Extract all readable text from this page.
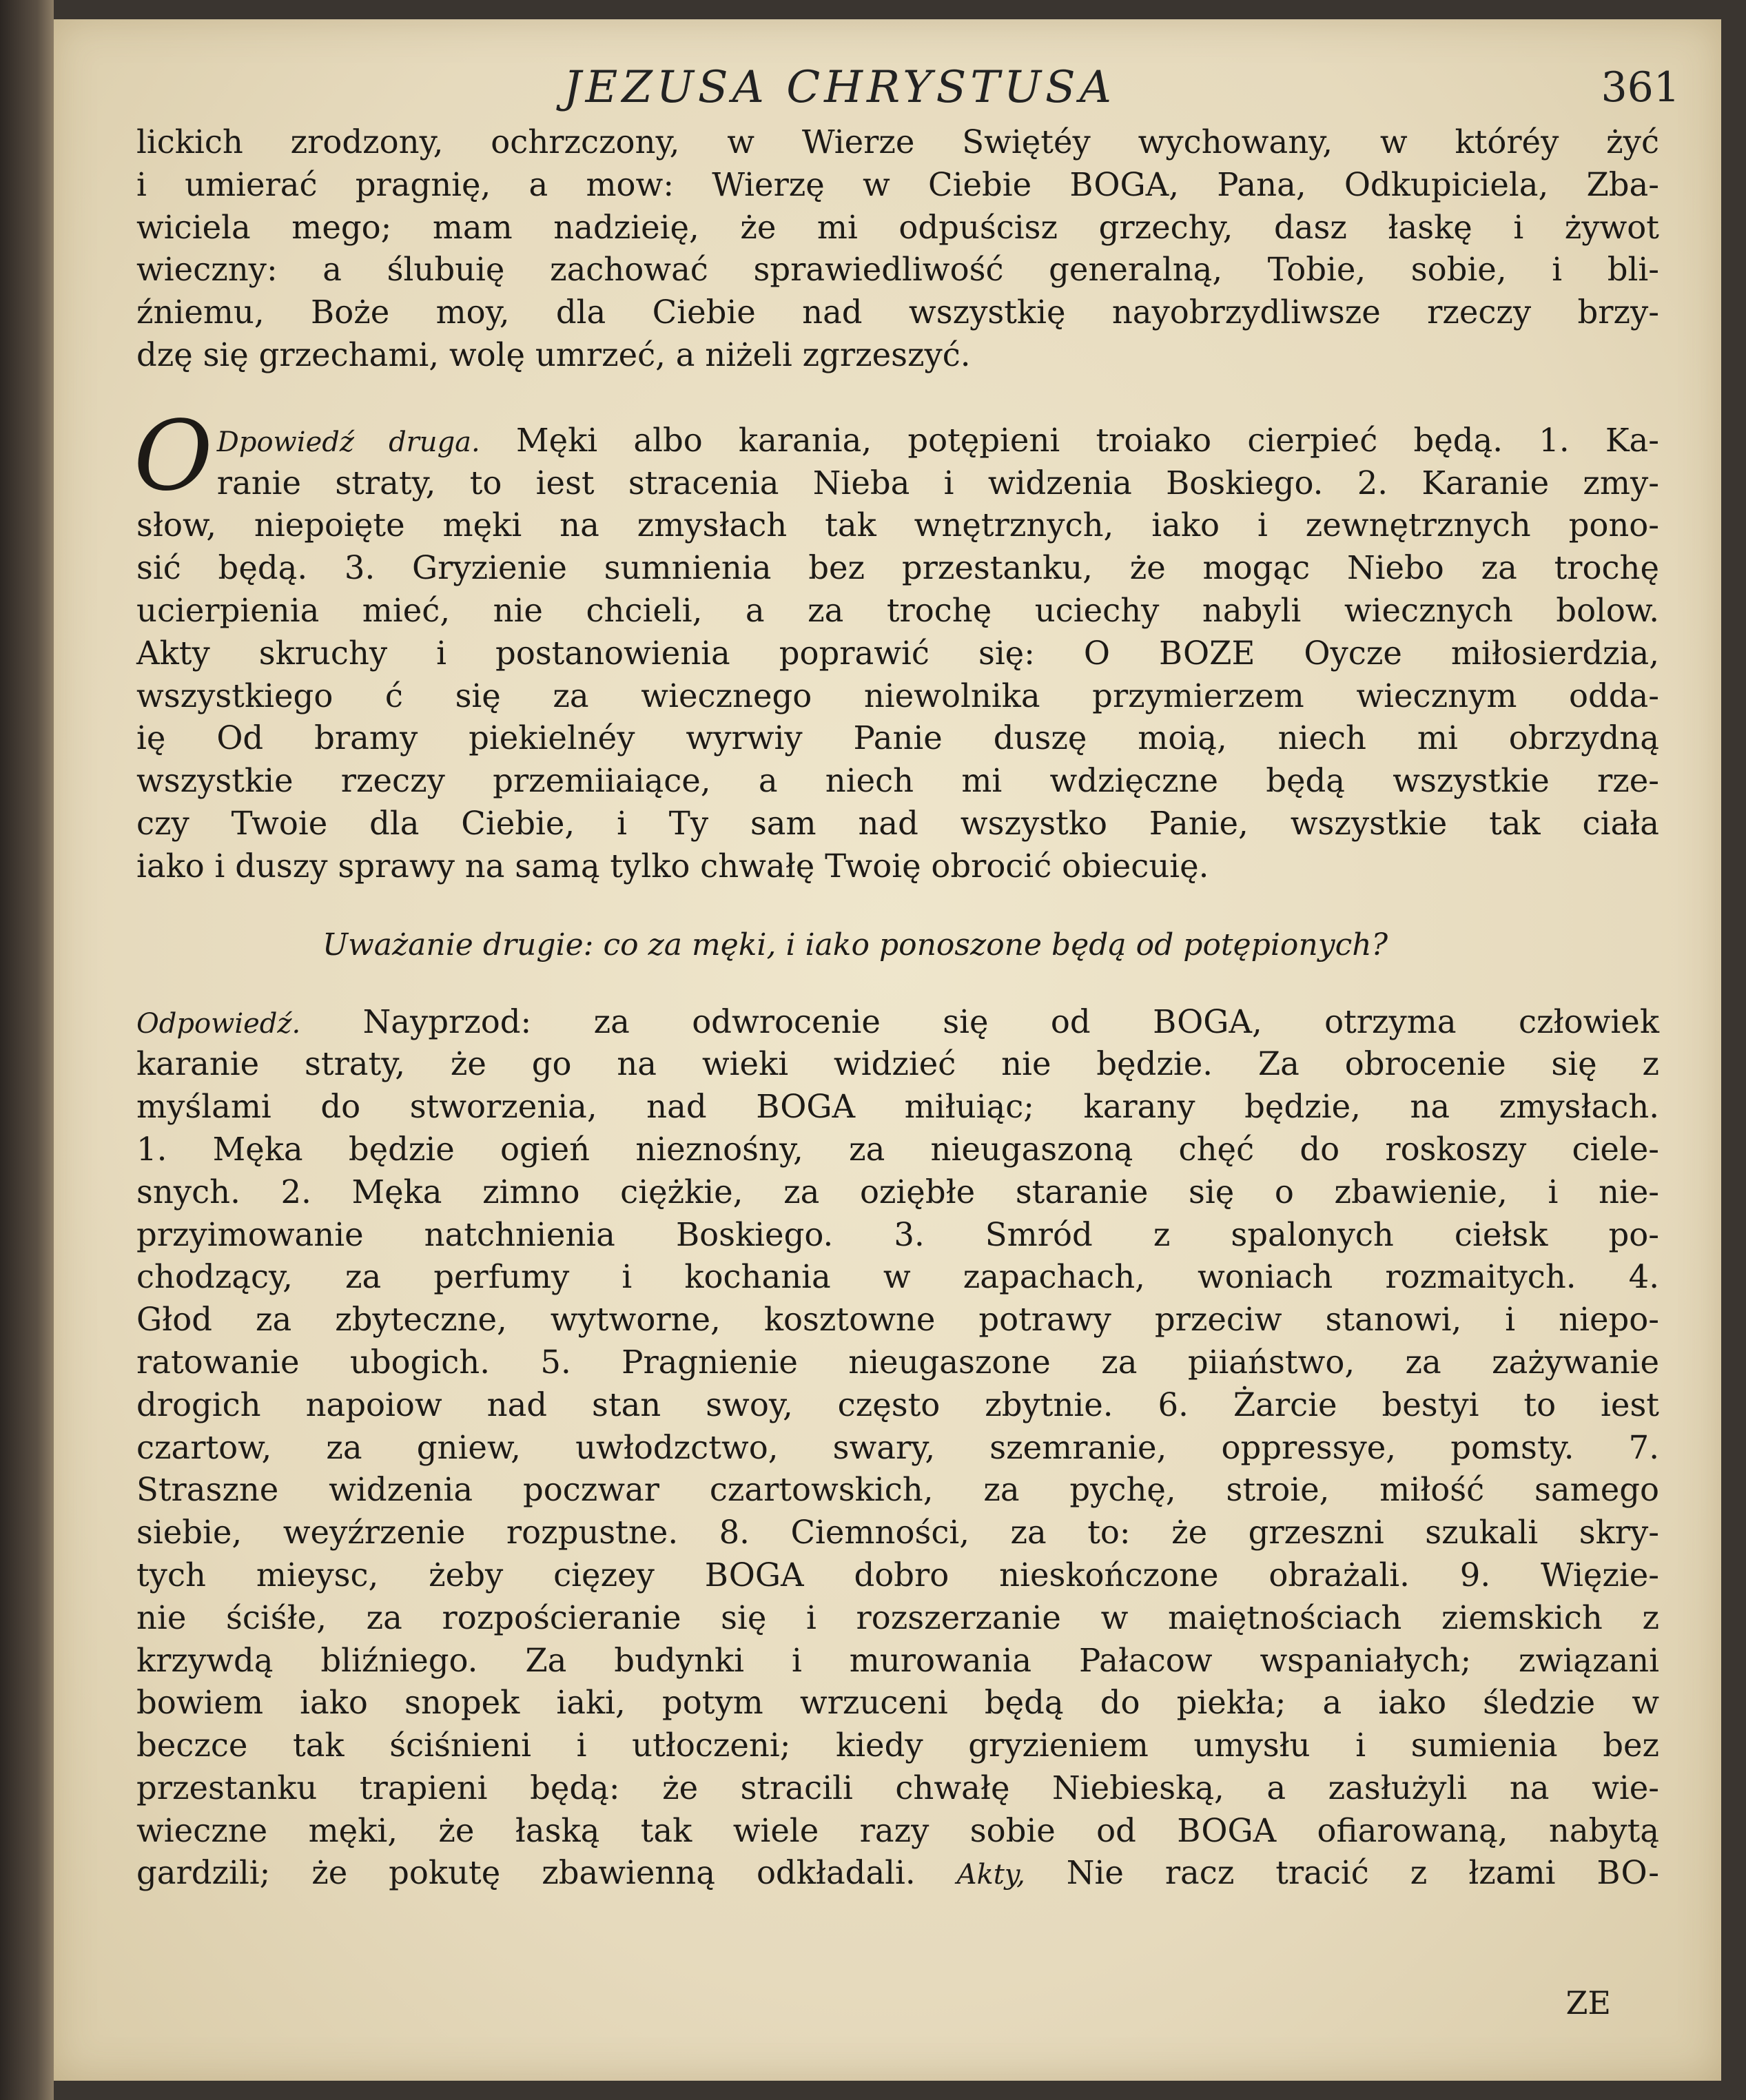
JEZUSA CHRYSTUSA	361
lickich zrodzony, ochrzczony, w Wierze Swiętéy wychowany, w któréy żyć
i umierać pragnię, a mow: Wierzę w Ciebie BOGA, Pana, Odkupiciela, Zba-
wiciela mego; mam nadzieię, że mi odpuścisz grzechy, dasz łaskę i żywot
wieczny: a ślubuię zachować sprawiedliwość generalną, Tobie, sobie, i bli-
źniemu, Boże moy, dla Ciebie nad wszystkię nayobrzydliwsze rzeczy brzy-
dzę się grzechami, wolę umrzeć, a niżeli zgrzeszyć.
O Dpowiedź druga. Męki albo karania, potępieni troiako cierpieć będą. 1. Ka-
ranie straty, to iest stracenia Nieba i widzenia Boskiego. 2. Karanie zmy-
słow, niepoięte męki na zmysłach tak wnętrznych, iako i zewnętrznych pono-
sić będą. 3. Gryzienie sumnienia bez przestanku, że mogąc Niebo za trochę
ucierpienia mieć, nie chcieli, a za trochę uciechy nabyli wiecznych bolow.
Akty skruchy i postanowienia poprawić się: O BOZE Oycze miłosierdzia,
wszystkiego ć się za wiecznego niewolnika przymierzem wiecznym odda-
ię Od bramy piekielnéy wyrwiy Panie duszę moią, niech mi obrzydną
wszystkie rzeczy przemiiaiące, a niech mi wdzięczne będą wszystkie rze-
czy Twoie dla Ciebie, i Ty sam nad wszystko Panie, wszystkie tak ciała
iako i duszy sprawy na samą tylko chwałę Twoię obrocić obiecuię.
Uważanie drugie: co za męki, i iako ponoszone będą od potępionych?
Odpowiedź. Nayprzod: za odwrocenie się od BOGA, otrzyma człowiek
karanie straty, że go na wieki widzieć nie będzie. Za obrocenie się z
myślami do stworzenia, nad BOGA miłuiąc; karany będzie, na zmysłach.
1. Męka będzie ogień nieznośny, za nieugaszoną chęć do roskoszy ciele-
snych. 2. Męka zimno ciężkie, za oziębłe staranie się o zbawienie, i nie-
przyimowanie natchnienia Boskiego. 3. Smród z spalonych ciełsk po-
chodzący, za perfumy i kochania w zapachach, woniach rozmaitych. 4.
Głod za zbyteczne, wytworne, kosztowne potrawy przeciw stanowi, i niepo-
ratowanie ubogich. 5. Pragnienie nieugaszone za piiaństwo, za zażywanie
drogich napoiow nad stan swoy, często zbytnie. 6. Żarcie bestyi to iest
czartow, za gniew, uwłodzctwo, swary, szemranie, oppressye, pomsty. 7.
Straszne widzenia poczwar czartowskich, za pychę, stroie, miłość samego
siebie, weyźrzenie rozpustne. 8. Ciemności, za to: że grzeszni szukali skry-
tych mieysc, żeby cięzey BOGA dobro nieskończone obrażali. 9. Więzie-
nie ściśłe, za rozpościeranie się i rozszerzanie w maiętnościach ziemskich z
krzywdą bliźniego. Za budynki i murowania Pałacow wspaniałych; związani
bowiem iako snopek iaki, potym wrzuceni będą do piekła; a iako śledzie w
beczce tak ściśnieni i utłoczeni; kiedy gryzieniem umysłu i sumienia bez
przestanku trapieni będą: że stracili chwałę Niebieską, a zasłużyli na wie-
wieczne męki, że łaską tak wiele razy sobie od BOGA ofiarowaną, nabytą
gardzili; że pokutę zbawienną odkładali. Akty, Nie racz tracić z łzami BO-
ZE
